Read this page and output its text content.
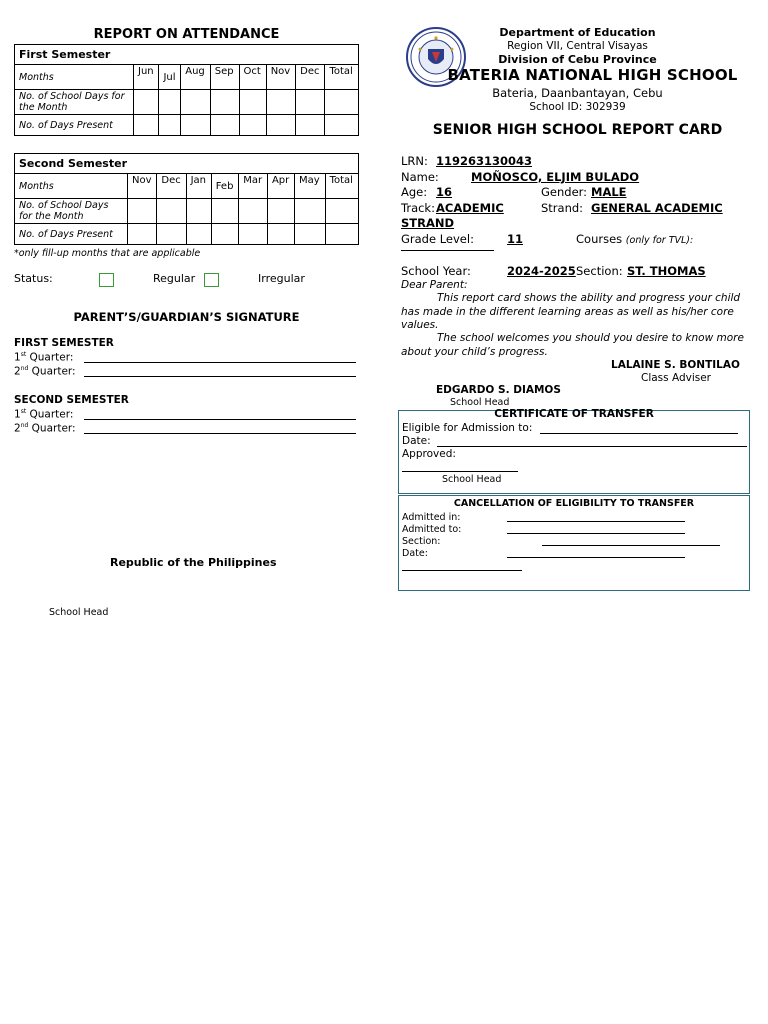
REPORT ON ATTENDANCE
First Semester								
Months	Jun	Jul	Aug	Sep	Oct	Nov	Dec	Total
No. of School Days for the Month								
No. of Days Present								
Second Semester								
Months	Nov	Dec	Jan	Feb	Mar	Apr	May	Total
No. of School Days for the Month								
No. of Days Present								
*only fill-up months that are applicable
Status:	Regular	Irregular
PARENT’S/GUARDIAN’S SIGNATURE
FIRST SEMESTER
1st Quarter:
2nd Quarter:
SECOND SEMESTER
1st Quarter:
2nd Quarter:
Republic of the Philippines
School Head
Department of Education
Region VII, Central Visayas
Division of Cebu Province
BATERIA NATIONAL HIGH SCHOOL
Bateria, Daanbantayan, Cebu
School ID: 302939
SENIOR HIGH SCHOOL REPORT CARD
LRN: 119263130043
Name:	MOÑOSCO, ELJIM BULADO
Age: 16	Gender: MALE
Track: ACADEMIC STRAND
Strand: GENERAL ACADEMIC
Grade Level:	11	Courses (only for TVL):
School Year:	2024-2025 Section: ST. THOMAS
Dear Parent:
This report card shows the ability and progress your child has made in the different learning areas as well as his/her core values.
The school welcomes you should you desire to know more about your child’s progress.
LALAINE S. BONTILAO
Class Adviser
EDGARDO S. DIAMOS
School Head
CERTIFICATE OF TRANSFER
Eligible for Admission to:
Date:
Approved:
School Head
CANCELLATION OF ELIGIBILITY TO TRANSFER
Admitted in:
Admitted to:
Section:
Date:
